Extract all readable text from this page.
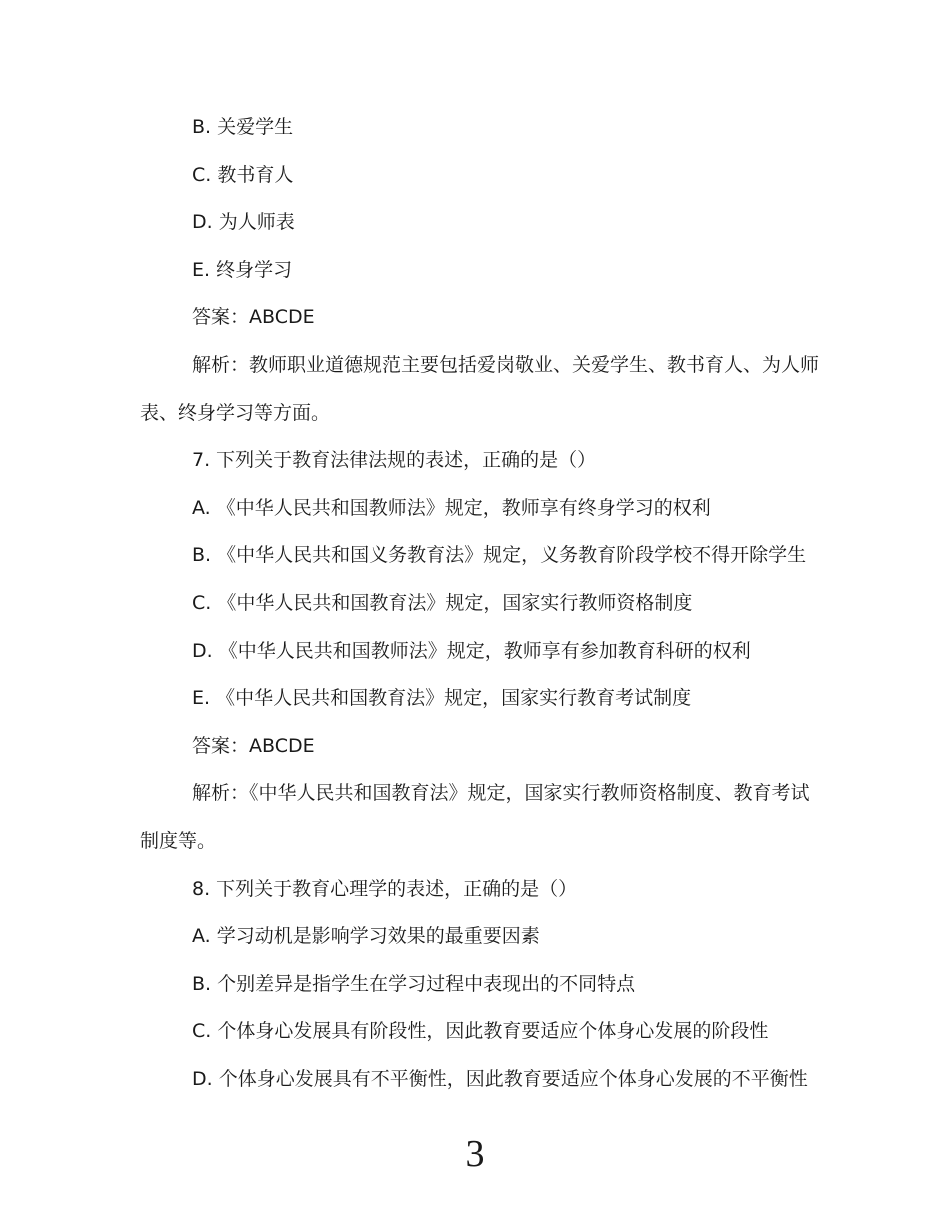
B. 关爱学生
C. 教书育人
D. 为人师表
E. 终身学习
答案：ABCDE
解析：教师职业道德规范主要包括爱岗敬业、关爱学生、教书育人、为人师
表、终身学习等方面。
7. 下列关于教育法律法规的表述，正确的是（）
A. 《中华人民共和国教师法》规定，教师享有终身学习的权利
B. 《中华人民共和国义务教育法》规定，义务教育阶段学校不得开除学生
C. 《中华人民共和国教育法》规定，国家实行教师资格制度
D. 《中华人民共和国教师法》规定，教师享有参加教育科研的权利
E. 《中华人民共和国教育法》规定，国家实行教育考试制度
答案：ABCDE
解析：《中华人民共和国教育法》规定，国家实行教师资格制度、教育考试
制度等。
8. 下列关于教育心理学的表述，正确的是（）
A. 学习动机是影响学习效果的最重要因素
B. 个别差异是指学生在学习过程中表现出的不同特点
C. 个体身心发展具有阶段性，因此教育要适应个体身心发展的阶段性
D. 个体身心发展具有不平衡性，因此教育要适应个体身心发展的不平衡性
3
